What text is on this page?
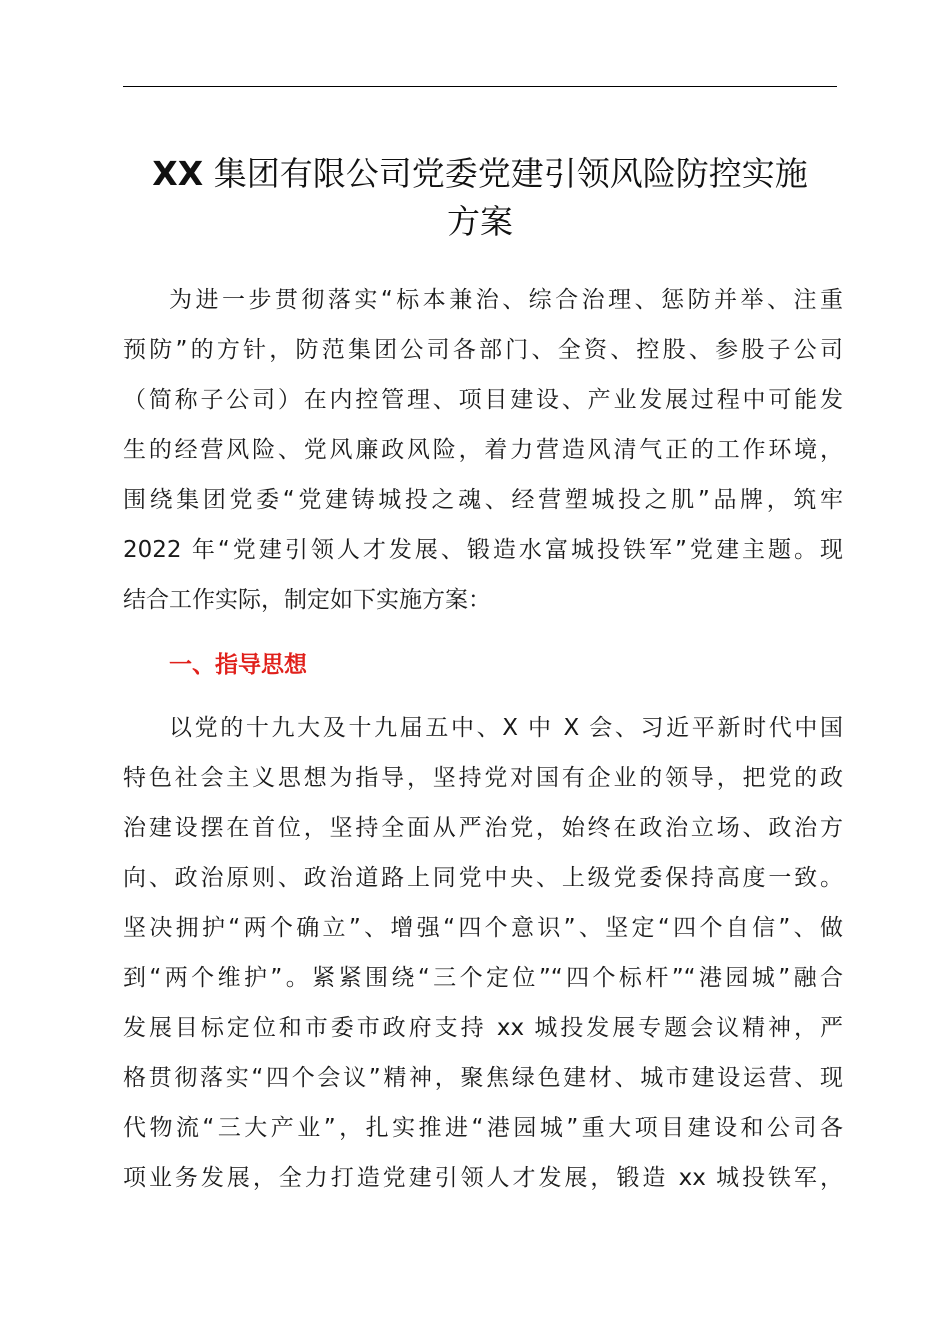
XX 集团有限公司党委党建引领风险防控实施
方案
为进一步贯彻落实“标本兼治、综合治理、惩防并举、注重
预防”的方针，防范集团公司各部门、全资、控股、参股子公司
（简称子公司）在内控管理、项目建设、产业发展过程中可能发
生的经营风险、党风廉政风险，着力营造风清气正的工作环境，
围绕集团党委“党建铸城投之魂、经营塑城投之肌”品牌，筑牢
2022 年“党建引领人才发展、锻造水富城投铁军”党建主题。现
结合工作实际，制定如下实施方案：
一、指导思想
以党的十九大及十九届五中、X 中 X 会、习近平新时代中国
特色社会主义思想为指导，坚持党对国有企业的领导，把党的政
治建设摆在首位，坚持全面从严治党，始终在政治立场、政治方
向、政治原则、政治道路上同党中央、上级党委保持高度一致。
坚决拥护“两个确立”、增强“四个意识”、坚定“四个自信”、做
到“两个维护”。紧紧围绕“三个定位”“四个标杆”“港园城”融合
发展目标定位和市委市政府支持 xx 城投发展专题会议精神，严
格贯彻落实“四个会议”精神，聚焦绿色建材、城市建设运营、现
代物流“三大产业”，扎实推进“港园城”重大项目建设和公司各
项业务发展，全力打造党建引领人才发展，锻造 xx 城投铁军，
